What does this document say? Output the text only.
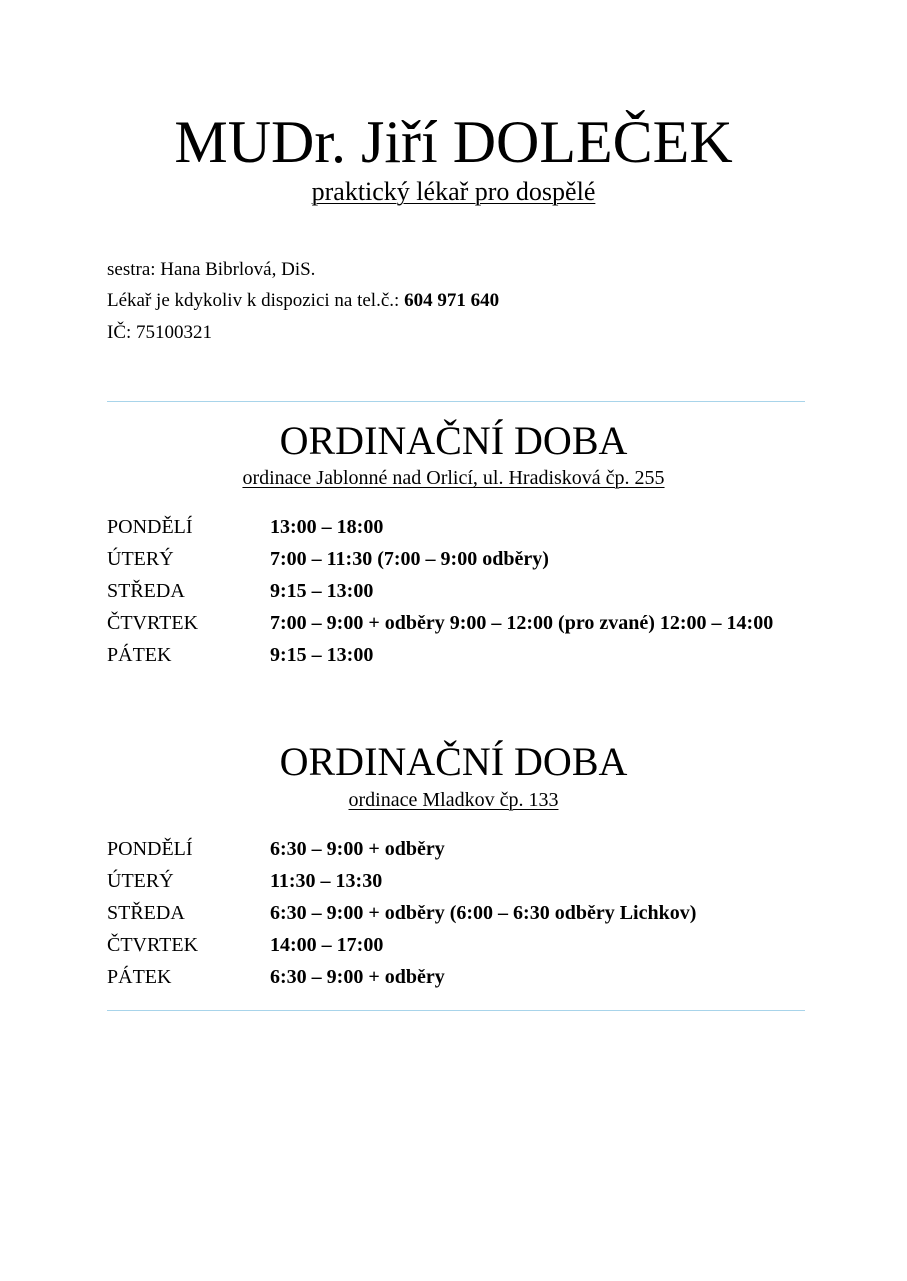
MUDr. Jiří DOLEČEK
praktický lékař pro dospělé
sestra: Hana Bibrlová, DiS.
Lékař je kdykoliv k dispozici na tel.č.: 604 971 640
IČ: 75100321
ORDINAČNÍ DOBA
ordinace Jablonné nad Orlicí, ul. Hradisková čp. 255
PONDĚLÍ	13:00 – 18:00
ÚTERÝ	7:00 – 11:30 (7:00 – 9:00 odběry)
STŘEDA	9:15 – 13:00
ČTVRTEK	7:00 – 9:00 + odběry 9:00 – 12:00 (pro zvané) 12:00 – 14:00
PÁTEK	9:15 – 13:00
ORDINAČNÍ DOBA
ordinace Mladkov čp. 133
PONDĚLÍ	6:30 – 9:00 + odběry
ÚTERÝ	11:30 – 13:30
STŘEDA	6:30 – 9:00 + odběry (6:00 – 6:30 odběry Lichkov)
ČTVRTEK	14:00 – 17:00
PÁTEK	6:30 – 9:00 + odběry
